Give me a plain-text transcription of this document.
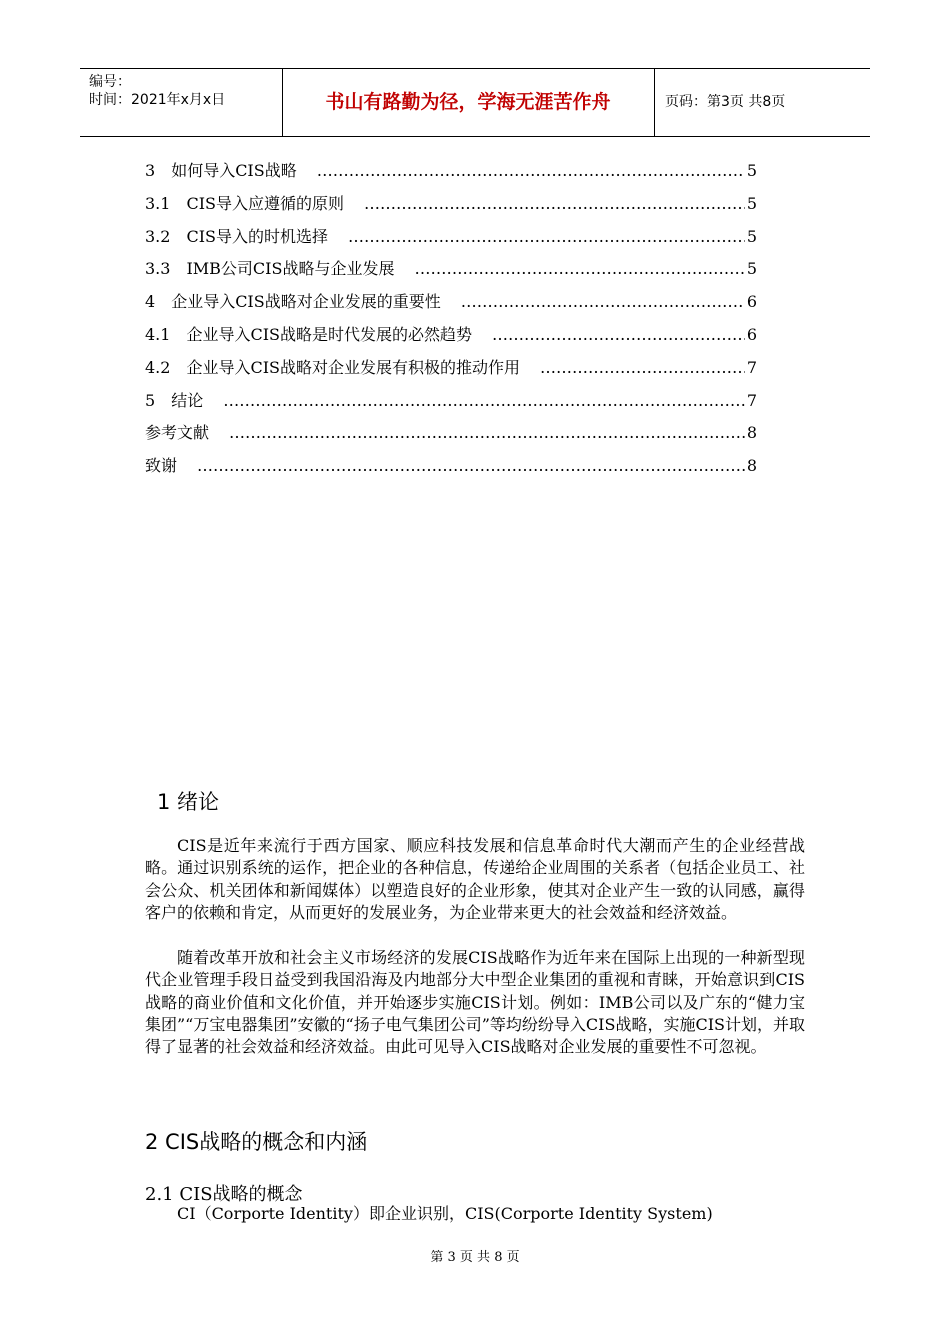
编号：
时间：2021年x月x日	书山有路勤为径，学海无涯苦作舟	页码：第3页 共8页
3	如何导入CIS战略 ……………………………………………………………………………………………………………………………………………………………	5
3.1	CIS导入应遵循的原则 ……………………………………………………………………………………………………………………………………………………………	5
3.2	CIS导入的时机选择 ……………………………………………………………………………………………………………………………………………………………	5
3.3	IMB公司CIS战略与企业发展 ……………………………………………………………………………………………………………………………………………………………	5
4	企业导入CIS战略对企业发展的重要性 ……………………………………………………………………………………………………………………………………………………………	6
4.1	企业导入CIS战略是时代发展的必然趋势 ……………………………………………………………………………………………………………………………………………………………	6
4.2	企业导入CIS战略对企业发展有积极的推动作用 ……………………………………………………………………………………………………………………………………………………………	7
5	结论 ……………………………………………………………………………………………………………………………………………………………	7
参考文献 ……………………………………………………………………………………………………………………………………………………………	8
致谢 ……………………………………………………………………………………………………………………………………………………………	8
1 绪论
CIS是近年来流行于西方国家、顺应科技发展和信息革命时代大潮而产生的企业经营战略。通过识别系统的运作，把企业的各种信息，传递给企业周围的关系者（包括企业员工、社会公众、机关团体和新闻媒体）以塑造良好的企业形象，使其对企业产生一致的认同感，赢得客户的依赖和肯定，从而更好的发展业务，为企业带来更大的社会效益和经济效益。
随着改革开放和社会主义市场经济的发展CIS战略作为近年来在国际上出现的一种新型现代企业管理手段日益受到我国沿海及内地部分大中型企业集团的重视和青睐，开始意识到CIS战略的商业价值和文化价值，并开始逐步实施CIS计划。例如：IMB公司以及广东的“健力宝集团”“万宝电器集团”安徽的“扬子电气集团公司”等均纷纷导入CIS战略，实施CIS计划，并取得了显著的社会效益和经济效益。由此可见导入CIS战略对企业发展的重要性不可忽视。
2 CIS战略的概念和内涵
2.1 CIS战略的概念
CI（Corporte Identity）即企业识别，CIS(Corporte Identity System)
第 3 页 共 8 页
